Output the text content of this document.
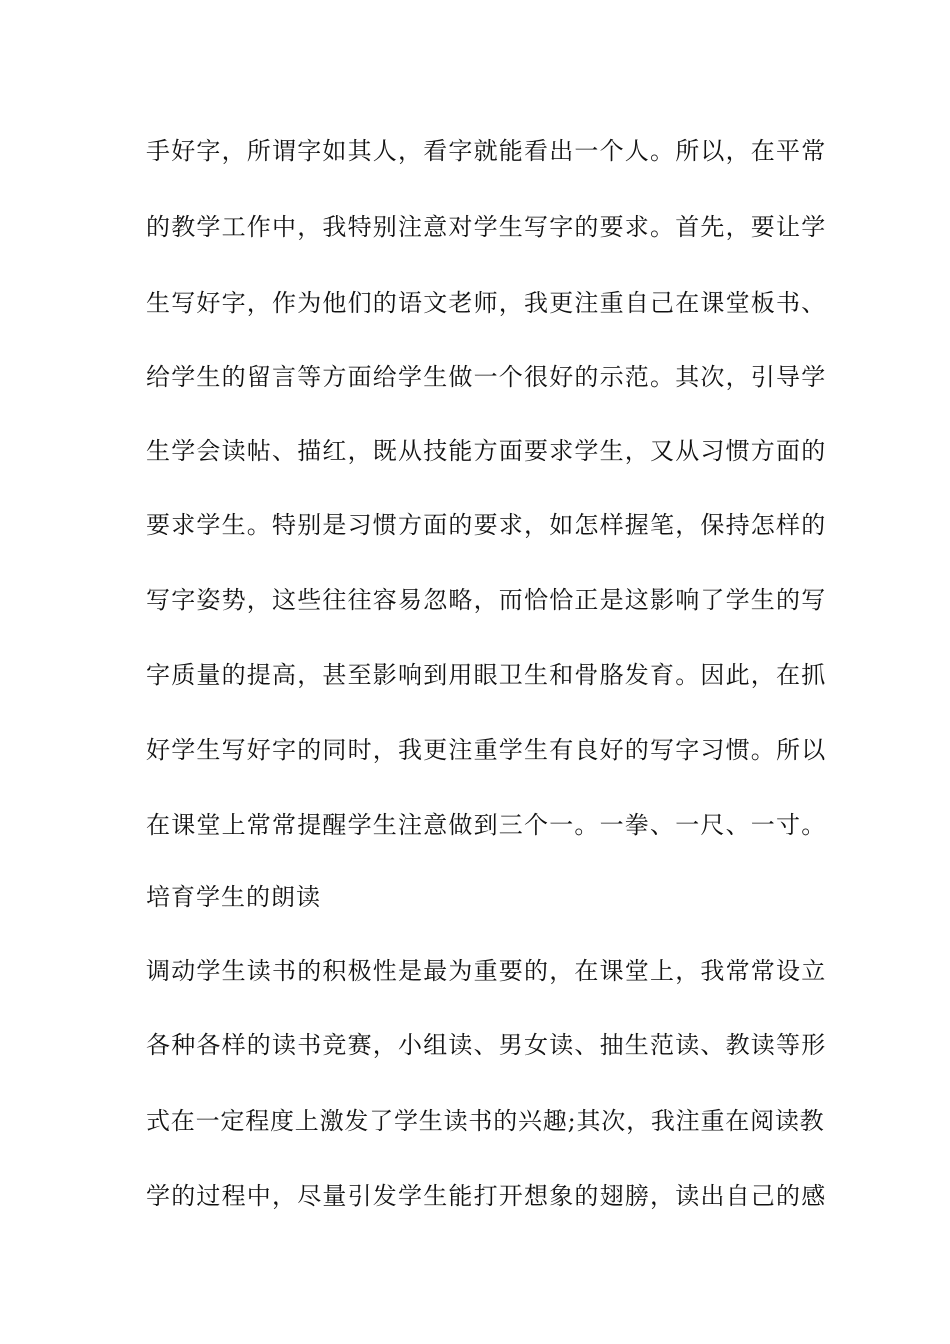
手好字，所谓字如其人，看字就能看出一个人。所以，在平常
的教学工作中，我特别注意对学生写字的要求。首先，要让学
生写好字，作为他们的语文老师，我更注重自己在课堂板书、
给学生的留言等方面给学生做一个很好的示范。其次，引导学
生学会读帖、描红，既从技能方面要求学生，又从习惯方面的
要求学生。特别是习惯方面的要求，如怎样握笔，保持怎样的
写字姿势，这些往往容易忽略，而恰恰正是这影响了学生的写
字质量的提高，甚至影响到用眼卫生和骨胳发育。因此，在抓
好学生写好字的同时，我更注重学生有良好的写字习惯。所以
在课堂上常常提醒学生注意做到三个一。一拳、一尺、一寸。
培育学生的朗读
调动学生读书的积极性是最为重要的，在课堂上，我常常设立
各种各样的读书竞赛，小组读、男女读、抽生范读、教读等形
式在一定程度上激发了学生读书的兴趣;其次，我注重在阅读教
学的过程中，尽量引发学生能打开想象的翅膀，读出自己的感
